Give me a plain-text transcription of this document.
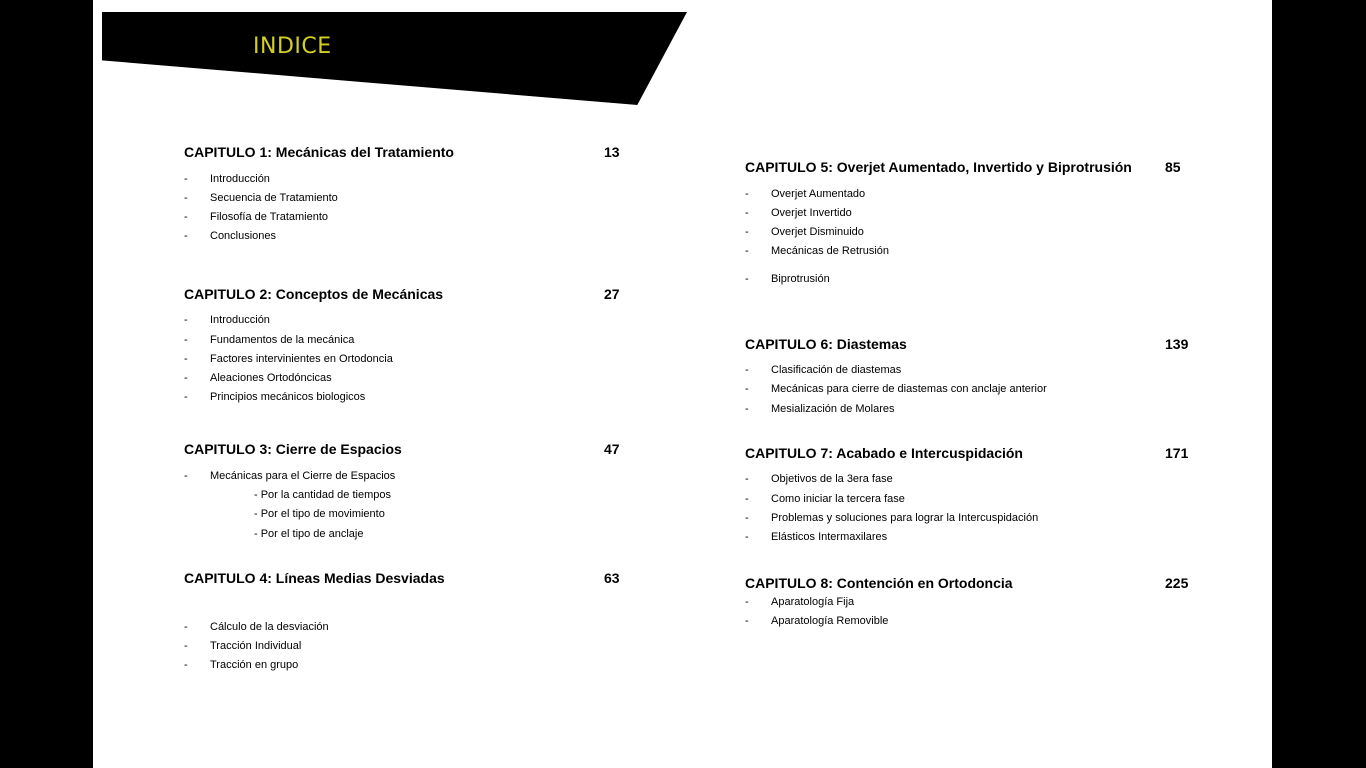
INDICE
CAPITULO 1: Mecánicas del Tratamiento	13
- Introducción
- Secuencia de Tratamiento
- Filosofía de Tratamiento
- Conclusiones
CAPITULO 2: Conceptos de Mecánicas	27
- Introducción
- Fundamentos de la mecánica
- Factores intervinientes en Ortodoncia
- Aleaciones Ortodóncicas
- Principios mecánicos biologicos
CAPITULO 3: Cierre de Espacios	47
- Mecánicas para el Cierre de Espacios
- Por la cantidad de tiempos
- Por el tipo de movimiento
- Por el tipo de anclaje
CAPITULO 4: Líneas Medias Desviadas	63
- Cálculo de la desviación
- Tracción Individual
- Tracción en grupo
CAPITULO 5: Overjet Aumentado, Invertido y Biprotrusión 85
- Overjet Aumentado
- Overjet Invertido
- Overjet Disminuido
- Mecánicas de Retrusión
- Biprotrusión
CAPITULO 6: Diastemas	139
- Clasificación de diastemas
- Mecánicas para cierre de diastemas con anclaje anterior
- Mesialización de Molares
CAPITULO 7: Acabado e Intercuspidación	171
- Objetivos de la 3era fase
- Como iniciar la tercera fase
- Problemas y soluciones para lograr la Intercuspidación
- Elásticos Intermaxilares
CAPITULO 8: Contención en Ortodoncia	225
- Aparatología Fija
- Aparatología Removible
